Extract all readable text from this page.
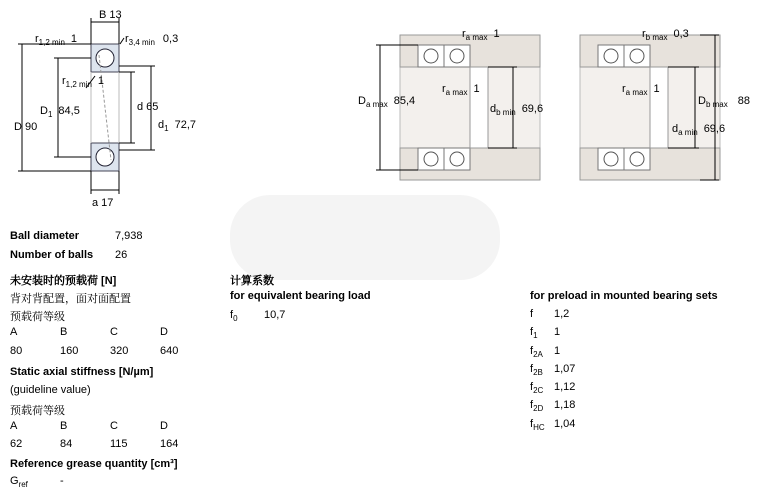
B 13
$r_{1,2 min}$ 1	$r_{3,4 min}$ 0,3
$r_{1,2 min}$ 1
$D_1$ 84,5
D 90
d 65
$d_1$ 72,7
a 17
$r_{a max}$ 1
$r_{a max}$ 1
$D_{a max}$ 85,4
$d_{b min}$ 69,6
$r_{b max}$ 0,3
$r_{a max}$ 1
$D_{b max}$ 88
$d_{a min}$ 69,6
Ball diameter	7,938
Number of balls 26
未安装时的预载荷 [N]
背对背配置，面对面配置
预载荷等级
A	B	C	D
80	160	320	640
Static axial stiffness [N/µm]
(guideline value)
预载荷等级
A	B	C	D
62	84	115	164
Reference grease quantity [cm³]
$G_{ref}$	-
计算系数
for equivalent bearing load
$f_0$ 10,7
for preload in mounted bearing sets
f 1,2
$f_1$ 1
$f_{2A}$ 1
$f_{2B}$ 1,07
$f_{2C}$ 1,12
$f_{2D}$ 1,18
$f_{HC}$ 1,04
